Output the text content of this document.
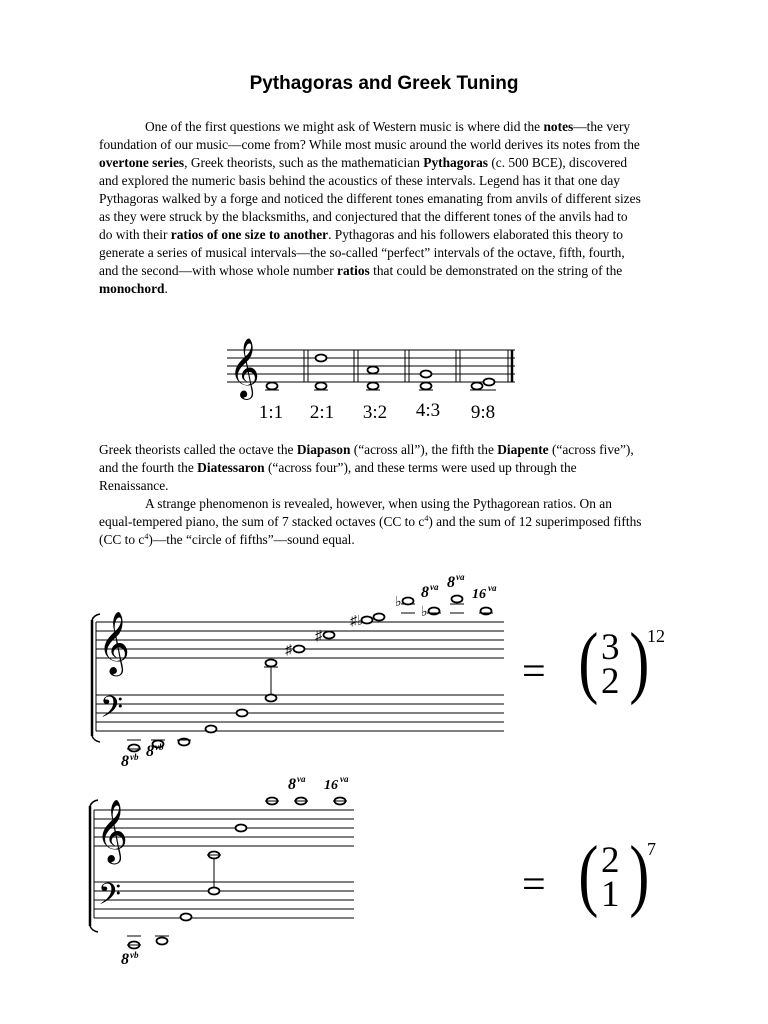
Pythagoras and Greek Tuning

One of the first questions we might ask of Western music is where did the notes—the very foundation of our music—come from? While most music around the world derives its notes from the overtone series, Greek theorists, such as the mathematician Pythagoras (c. 500 BCE), discovered and explored the numeric basis behind the acoustics of these intervals. Legend has it that one day Pythagoras walked by a forge and noticed the different tones emanating from anvils of different sizes as they were struck by the blacksmiths, and conjectured that the different tones of the anvils had to do with their ratios of one size to another. Pythagoras and his followers elaborated this theory to generate a series of musical intervals—the so-called “perfect” intervals of the octave, fifth, fourth, and the second—with whose whole number ratios that could be demonstrated on the string of the monochord.

𝄞
1:1 2:1 3:2 4:3 9:8

Greek theorists called the octave the Diapason (“across all”), the fifth the Diapente (“across five”), and the fourth the Diatessaron (“across four”), and these terms were used up through the Renaissance.

A strange phenomenon is revealed, however, when using the Pythagorean ratios. On an equal-tempered piano, the sum of 7 stacked octaves (CC to $c^4$) and the sum of 12 superimposed fifths (CC to $c^4)—the$ “circle of fifths”—sound equal.

𝄞
𝄢
♯
♯
♯ ♭
♭
♭
8 vb 8 vb
8 va 8 va
16 va
= ( 3
2 )
12
𝄞
𝄢
8 vb
8 va 16 va
= ( 2
1 )
7
